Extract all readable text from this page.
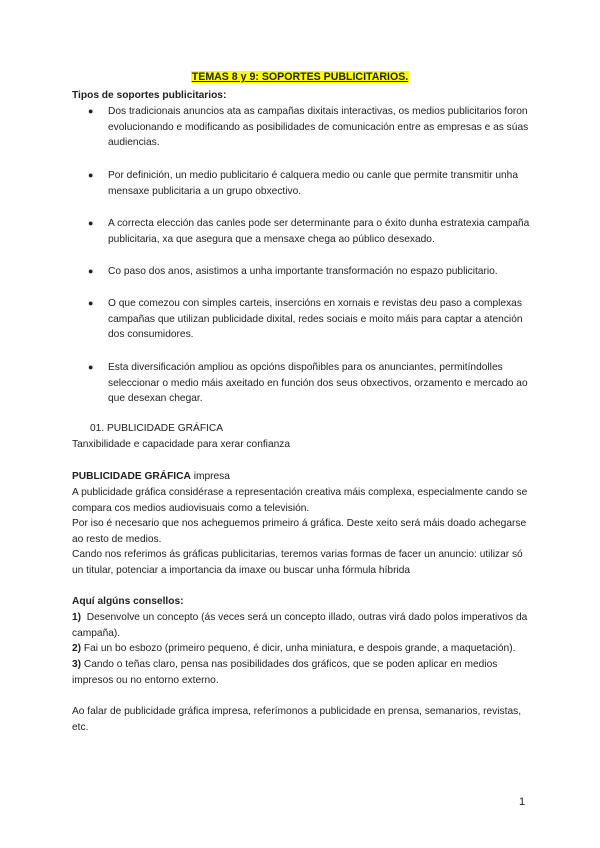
TEMAS 8 y 9: SOPORTES PUBLICITARIOS.
Tipos de soportes publicitarios:
● Dos tradicionais anuncios ata as campañas dixitais interactivas, os medios publicitarios foron evolucionando e modificando as posibilidades de comunicación entre as empresas e as súas audiencias.
● Por definición, un medio publicitario é calquera medio ou canle que permite transmitir unha mensaxe publicitaria a un grupo obxectivo.
● A correcta elección das canles pode ser determinante para o éxito dunha estratexia campaña publicitaria, xa que asegura que a mensaxe chega ao público desexado.
● Co paso dos anos, asistimos a unha importante transformación no espazo publicitario.
● O que comezou con simples carteis, insercións en xornais e revistas deu paso a complexas campañas que utilizan publicidade dixital, redes sociais e moito máis para captar a atención dos consumidores.
● Esta diversificación ampliou as opcións dispoñibles para os anunciantes, permitíndolles seleccionar o medio máis axeitado en función dos seus obxectivos, orzamento e mercado ao que desexan chegar.
01. PUBLICIDADE GRÁFICA
Tanxibilidade e capacidade para xerar confianza
PUBLICIDADE GRÁFICA impresa
A publicidade gráfica considérase a representación creativa máis complexa, especialmente cando se compara cos medios audiovisuais como a televisión.
Por iso é necesario que nos acheguemos primeiro á gráfica. Deste xeito será máis doado achegarse ao resto de medios.
Cando nos referimos ás gráficas publicitarias, teremos varias formas de facer un anuncio: utilizar só un titular, potenciar a importancia da imaxe ou buscar unha fórmula híbrida
Aquí algúns consellos:
1) Desenvolve un concepto (ás veces será un concepto illado, outras virá dado polos imperativos da campaña).
2) Fai un bo esbozo (primeiro pequeno, é dicir, unha miniatura, e despois grande, a maquetación).
3) Cando o teñas claro, pensa nas posibilidades dos gráficos, que se poden aplicar en medios impresos ou no entorno externo.
Ao falar de publicidade gráfica impresa, referímonos a publicidade en prensa, semanarios, revistas, etc.
1
